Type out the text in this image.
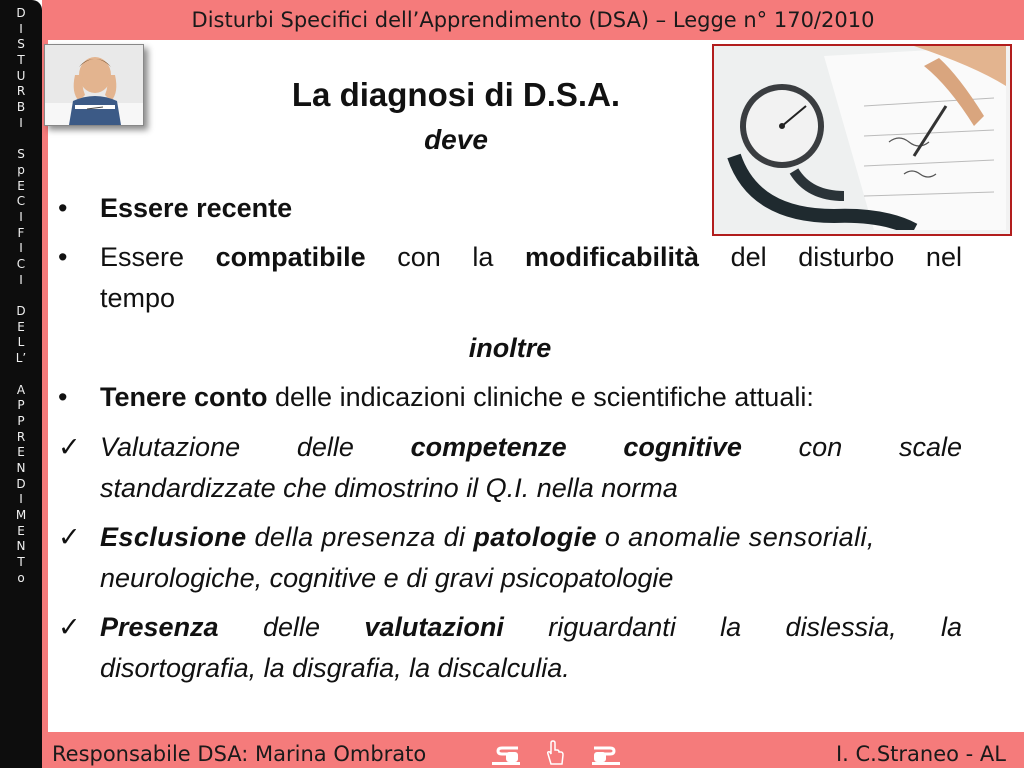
Disturbi Specifici dell’Apprendimento (DSA) – Legge n° 170/2010
D
I
S
T
U
R
B
I

S
p
E
C
I
F
I
C
I

D
E
L
L’

A
P
P
R
E
N
D
I
M
E
N
T
o
La diagnosi di D.S.A.
deve
•	Essere recente
•	Essere compatibile con la modificabilità del disturbo nel
tempo
inoltre
•	Tenere conto delle indicazioni cliniche e scientifiche attuali:
✓ Valutazione delle competenze cognitive con scale
standardizzate che dimostrino il Q.I. nella norma
✓ Esclusione della presenza di patologie o anomalie sensoriali,
neurologiche, cognitive e di gravi psicopatologie
✓ Presenza delle valutazioni riguardanti la dislessia, la
disortografia, la disgrafia, la discalculia.
Responsabile DSA: Marina Ombrato	I. C.Straneo - AL
